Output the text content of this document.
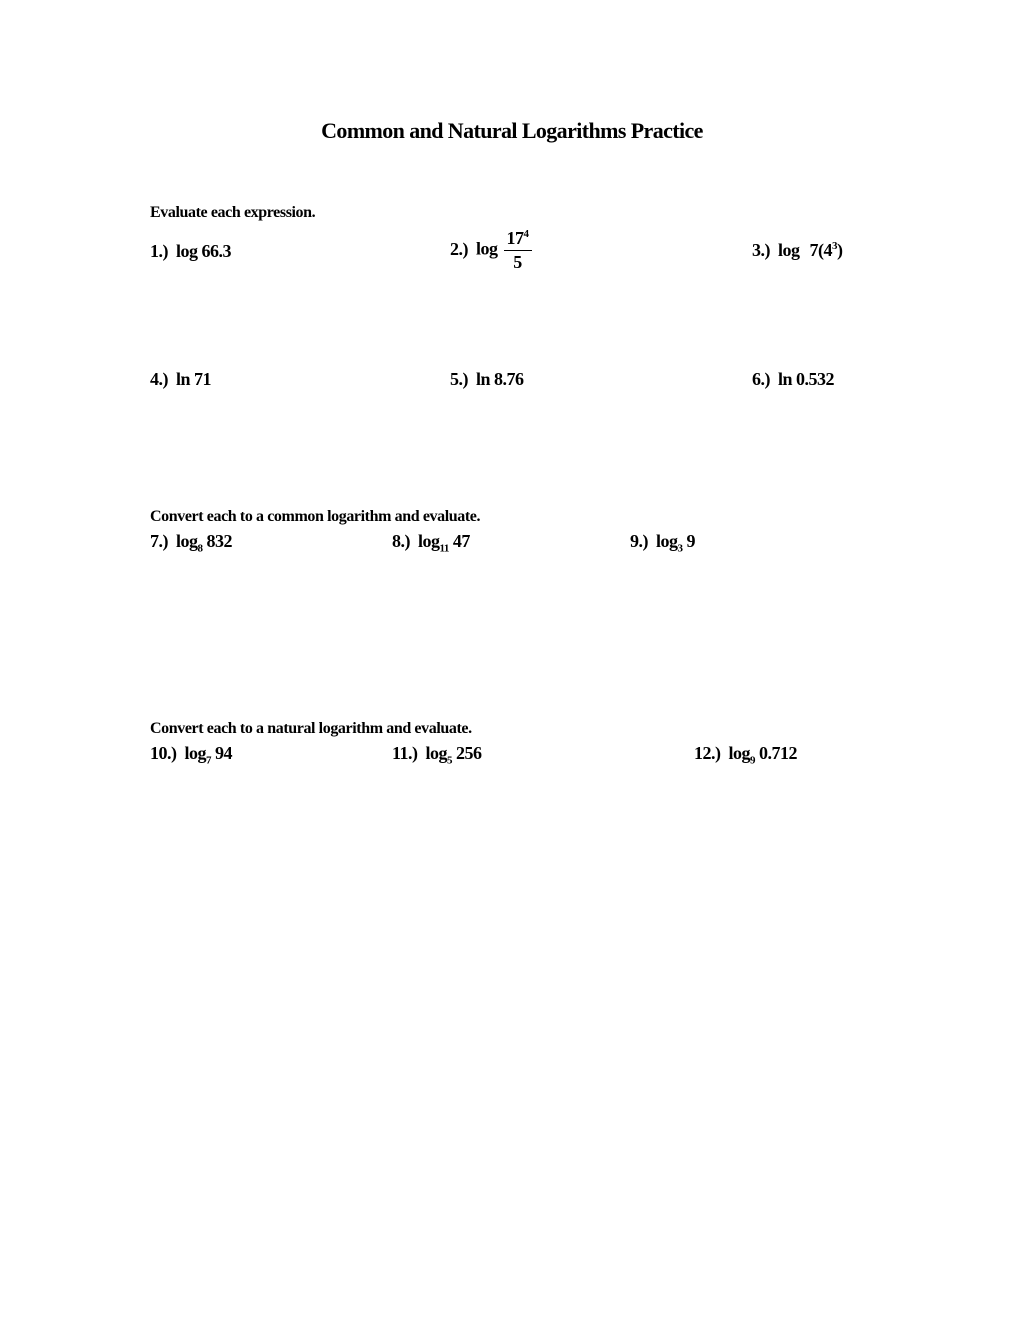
Common and Natural Logarithms Practice
Evaluate each expression.
1.) log 66.3	2.) $\log \frac{17^4}{5}$	3.) $\log 7(4^3)$
4.) ln 71	5.) ln 8.76	6.) ln 0.532
Convert each to a common logarithm and evaluate.
7.) $\log_8 832$	8.) $\log_{11} 47$	9.) $\log_3 9$
Convert each to a natural logarithm and evaluate.
10.) $\log_7 94$	11.) $\log_5 256$	12.) $\log_9 0.712$
